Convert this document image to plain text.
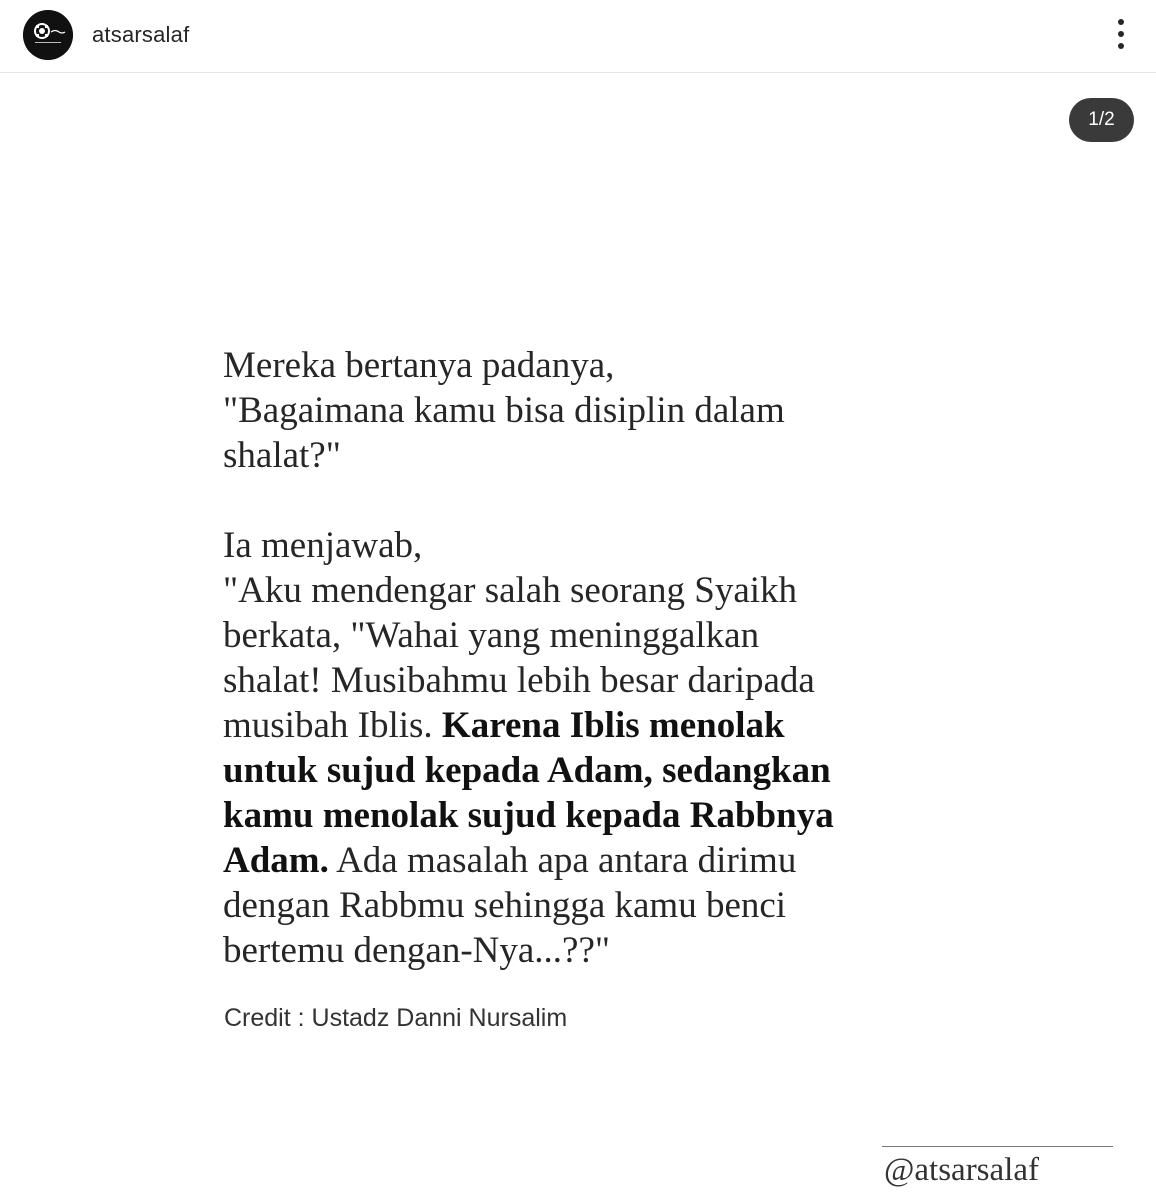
atsarsalaf
1/2
Mereka bertanya padanya,
"Bagaimana kamu bisa disiplin dalam
shalat?"
Ia menjawab,
"Aku mendengar salah seorang Syaikh
berkata, "Wahai yang meninggalkan
shalat! Musibahmu lebih besar daripada
musibah Iblis. Karena Iblis menolak
untuk sujud kepada Adam, sedangkan
kamu menolak sujud kepada Rabbnya
Adam. Ada masalah apa antara dirimu
dengan Rabbmu sehingga kamu benci
bertemu dengan-Nya...??"
Credit : Ustadz Danni Nursalim
@atsarsalaf
